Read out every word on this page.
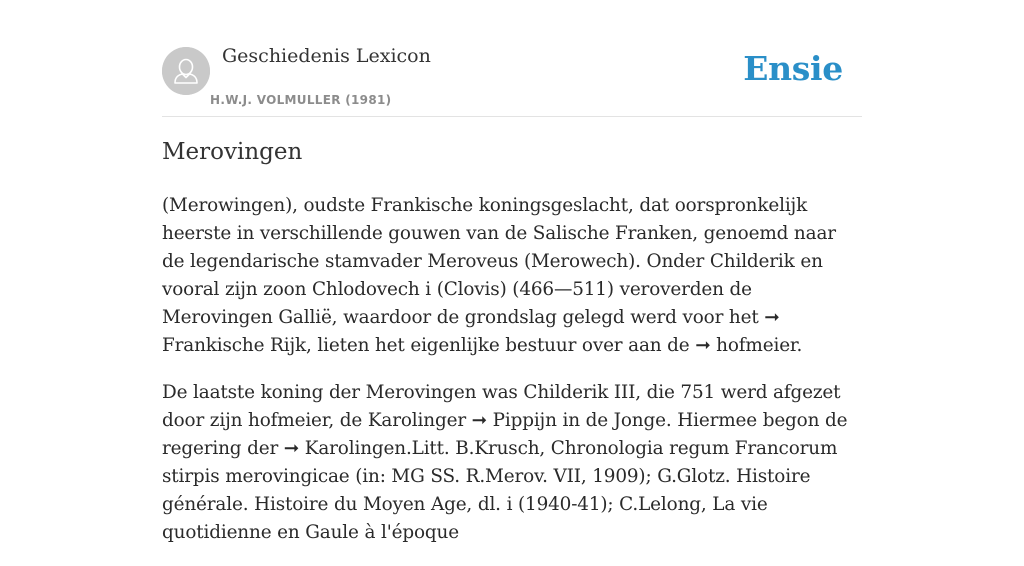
Geschiedenis Lexicon
H.W.J. VOLMULLER (1981)
Ensie
Merovingen

(Merowingen), oudste Frankische koningsgeslacht, dat oorspronkelijk heerste in verschillende gouwen van de Salische Franken, genoemd naar de legendarische stamvader Meroveus (Merowech). Onder Childerik en vooral zijn zoon Chlodovech i (Clovis) (466—511) veroverden de Merovingen Gallië, waardoor de grondslag gelegd werd voor het ➞ Frankische Rijk, lieten het eigenlijke bestuur over aan de ➞ hofmeier.

De laatste koning der Merovingen was Childerik III, die 751 werd afgezet door zijn hofmeier, de Karolinger ➞ Pippijn in de Jonge. Hiermee begon de regering der ➞ Karolingen.Litt. B.Krusch, Chronologia regum Francorum stirpis merovingicae (in: MG SS. R.Merov. VII, 1909); G.Glotz. Histoire générale. Histoire du Moyen Age, dl. i (1940-41); C.Lelong, La vie quotidienne en Gaule à l'époque
